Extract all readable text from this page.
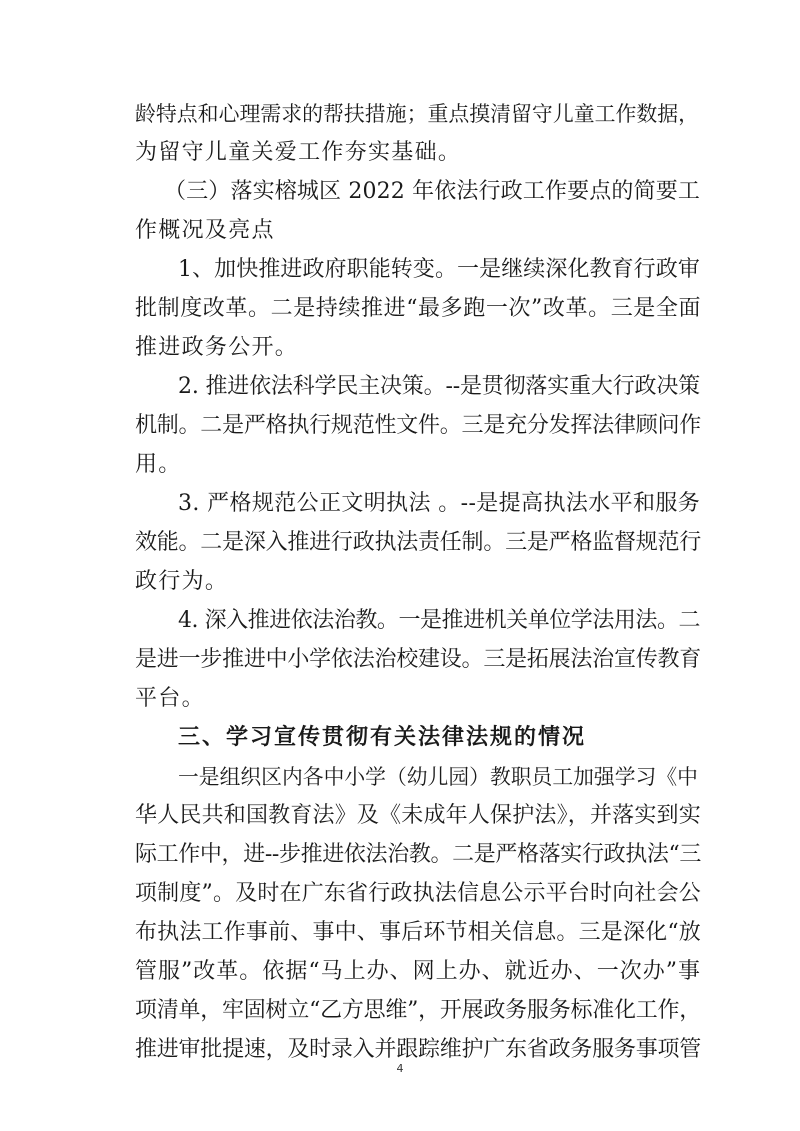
龄特点和心理需求的帮扶措施；重点摸清留守儿童工作数据，
为留守儿童关爱工作夯实基础。
（三）落实榕城区 2022 年依法行政工作要点的简要工
作概况及亮点
1、加快推进政府职能转变。一是继续深化教育行政审
批制度改革。二是持续推进“最多跑一次”改革。三是全面
推进政务公开。
2. 推进依法科学民主决策。--是贯彻落实重大行政决策
机制。二是严格执行规范性文件。三是充分发挥法律顾问作
用。
3. 严格规范公正文明执法 。--是提高执法水平和服务
效能。二是深入推进行政执法责任制。三是严格监督规范行
政行为。
4. 深入推进依法治教。一是推进机关单位学法用法。二
是进一步推进中小学依法治校建设。三是拓展法治宣传教育
平台。
三、学习宣传贯彻有关法律法规的情况
一是组织区内各中小学（幼儿园）教职员工加强学习《中
华人民共和国教育法》及《未成年人保护法》，并落实到实
际工作中，进--步推进依法治教。二是严格落实行政执法“三
项制度”。及时在广东省行政执法信息公示平台时向社会公
布执法工作事前、事中、事后环节相关信息。三是深化“放
管服”改革。依据“马上办、网上办、就近办、一次办”事
项清单，牢固树立“乙方思维”，开展政务服务标准化工作，
推进审批提速，及时录入并跟踪维护广东省政务服务事项管
4
